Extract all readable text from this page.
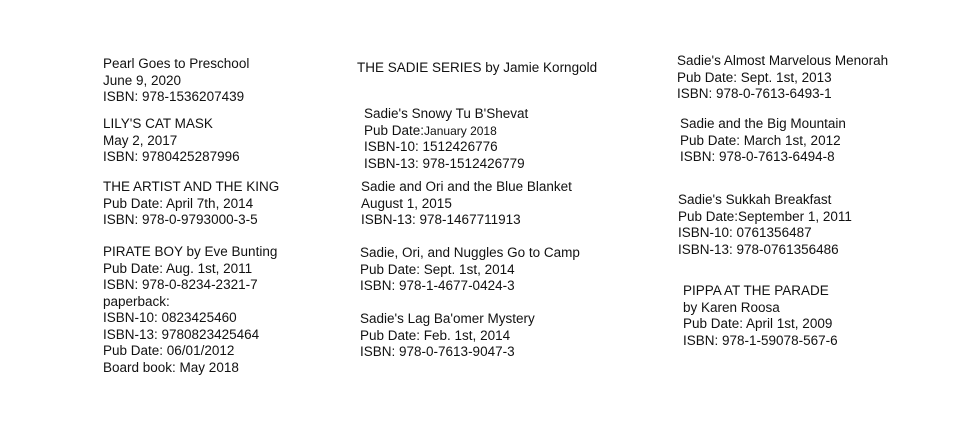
Pearl Goes to Preschool
June 9, 2020
ISBN: 978-1536207439
LILY'S CAT MASK
May 2, 2017
ISBN: 9780425287996
THE ARTIST AND THE KING
Pub Date: April 7th, 2014
ISBN: 978-0-9793000-3-5
PIRATE BOY by Eve Bunting
Pub Date: Aug. 1st, 2011
ISBN: 978-0-8234-2321-7
paperback:
ISBN-10: 0823425460
ISBN-13: 9780823425464
Pub Date: 06/01/2012
Board book: May 2018
THE SADIE SERIES by Jamie Korngold
Sadie's Snowy Tu B'Shevat
Pub Date:January 2018
ISBN-10: 1512426776
ISBN-13: 978-1512426779
Sadie and Ori and the Blue Blanket
August 1, 2015
ISBN-13: 978-1467711913
Sadie, Ori, and Nuggles Go to Camp
Pub Date: Sept. 1st, 2014
ISBN: 978-1-4677-0424-3
Sadie's Lag Ba'omer Mystery
Pub Date: Feb. 1st, 2014
ISBN: 978-0-7613-9047-3
Sadie's Almost Marvelous Menorah
Pub Date: Sept. 1st, 2013
ISBN: 978-0-7613-6493-1
Sadie and the Big Mountain
Pub Date: March 1st, 2012
ISBN: 978-0-7613-6494-8
Sadie's Sukkah Breakfast
Pub Date:September 1, 2011
ISBN-10: 0761356487
ISBN-13: 978-0761356486
PIPPA AT THE PARADE
by Karen Roosa
Pub Date: April 1st, 2009
ISBN: 978-1-59078-567-6
